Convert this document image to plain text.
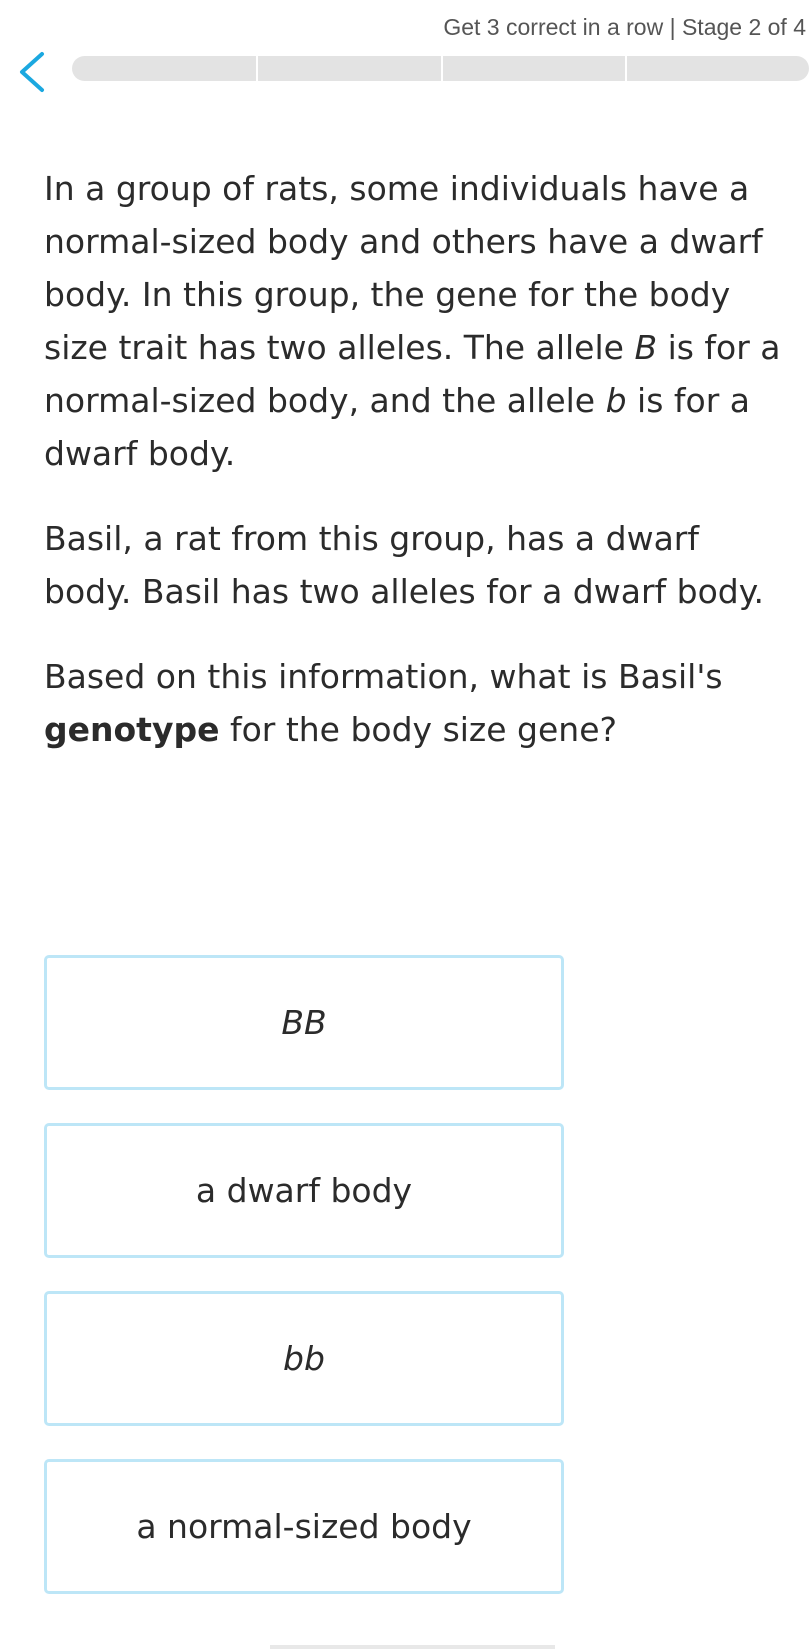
Get 3 correct in a row | Stage 2 of 4

In a group of rats, some individuals have a normal-sized body and others have a dwarf body. In this group, the gene for the body size trait has two alleles. The allele B is for a normal-sized body, and the allele b is for a dwarf body.

Basil, a rat from this group, has a dwarf body. Basil has two alleles for a dwarf body.

Based on this information, what is Basil's genotype for the body size gene?

BB
a dwarf body
bb
a normal-sized body
